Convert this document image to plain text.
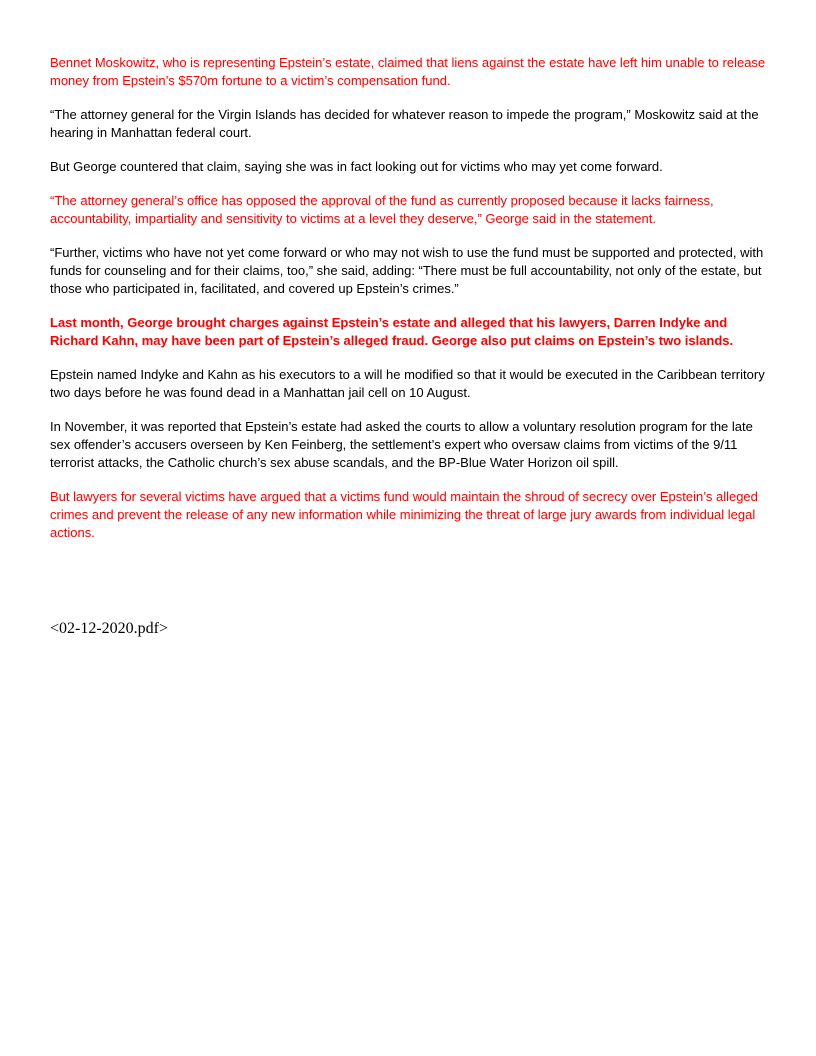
Bennet Moskowitz, who is representing Epstein’s estate, claimed that liens against the estate have left him unable to release money from Epstein’s $570m fortune to a victim’s compensation fund.

“The attorney general for the Virgin Islands has decided for whatever reason to impede the program,” Moskowitz said at the hearing in Manhattan federal court.

But George countered that claim, saying she was in fact looking out for victims who may yet come forward.

“The attorney general’s office has opposed the approval of the fund as currently proposed because it lacks fairness, accountability, impartiality and sensitivity to victims at a level they deserve,” George said in the statement.

“Further, victims who have not yet come forward or who may not wish to use the fund must be supported and protected, with funds for counseling and for their claims, too,” she said, adding: “There must be full accountability, not only of the estate, but those who participated in, facilitated, and covered up Epstein’s crimes.”

Last month, George brought charges against Epstein’s estate and alleged that his lawyers, Darren Indyke and Richard Kahn, may have been part of Epstein’s alleged fraud. George also put claims on Epstein’s two islands.

Epstein named Indyke and Kahn as his executors to a will he modified so that it would be executed in the Caribbean territory two days before he was found dead in a Manhattan jail cell on 10 August.

In November, it was reported that Epstein’s estate had asked the courts to allow a voluntary resolution program for the late sex offender’s accusers overseen by Ken Feinberg, the settlement’s expert who oversaw claims from victims of the 9/11 terrorist attacks, the Catholic church’s sex abuse scandals, and the BP-Blue Water Horizon oil spill.

But lawyers for several victims have argued that a victims fund would maintain the shroud of secrecy over Epstein’s alleged crimes and prevent the release of any new information while minimizing the threat of large jury awards from individual legal actions.

<02-12-2020.pdf>
